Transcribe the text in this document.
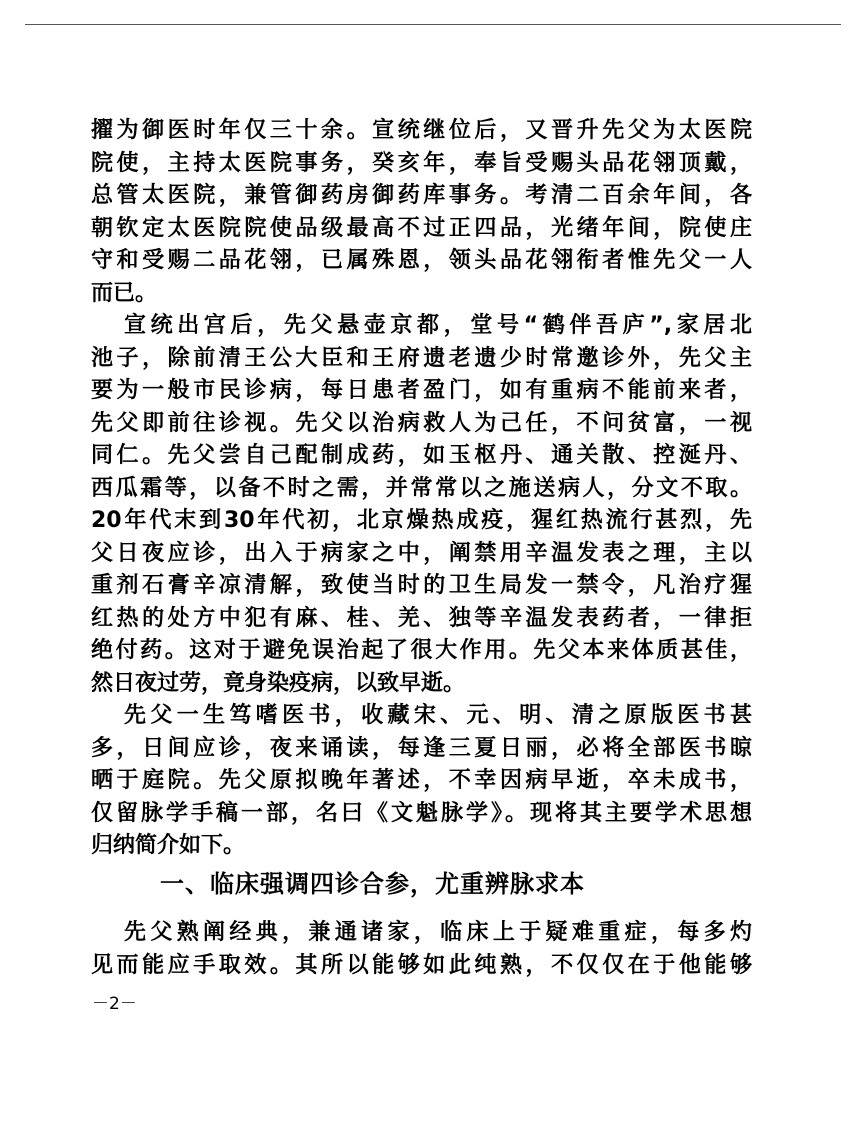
擢为御医时年仅三十余。宣统继位后，又晋升先父为太医院
院使，主持太医院事务，癸亥年，奉旨受赐头品花翎顶戴，
总管太医院，兼管御药房御药库事务。考清二百余年间，各
朝钦定太医院院使品级最高不过正四品，光绪年间，院使庄
守和受赐二品花翎，已属殊恩，领头品花翎衔者惟先父一人
而已。
宣统出宫后，先父悬壶京都，堂号“鹤伴吾庐”,家居北
池子，除前清王公大臣和王府遗老遗少时常邀诊外，先父主
要为一般市民诊病，每日患者盈门，如有重病不能前来者，
先父即前往诊视。先父以治病救人为己任，不问贫富，一视
同仁。先父尝自己配制成药，如玉枢丹、通关散、控涎丹、
西瓜霜等，以备不时之需，并常常以之施送病人，分文不取。
20年代末到30年代初，北京燥热成疫，猩红热流行甚烈，先
父日夜应诊，出入于病家之中，阐禁用辛温发表之理，主以
重剂石膏辛凉清解，致使当时的卫生局发一禁令，凡治疗猩
红热的处方中犯有麻、桂、羌、独等辛温发表药者，一律拒
绝付药。这对于避免误治起了很大作用。先父本来体质甚佳，
然日夜过劳，竟身染疫病，以致早逝。
先父一生笃嗜医书，收藏宋、元、明、清之原版医书甚
多，日间应诊，夜来诵读，每逢三夏日丽，必将全部医书晾
晒于庭院。先父原拟晚年著述，不幸因病早逝，卒未成书，
仅留脉学手稿一部，名曰《文魁脉学》。现将其主要学术思想
归纳简介如下。
先父熟阐经典，兼通诸家，临床上于疑难重症，每多灼
见而能应手取效。其所以能够如此纯熟，不仅仅在于他能够
一、临床强调四诊合参，尤重辨脉求本
－2－
